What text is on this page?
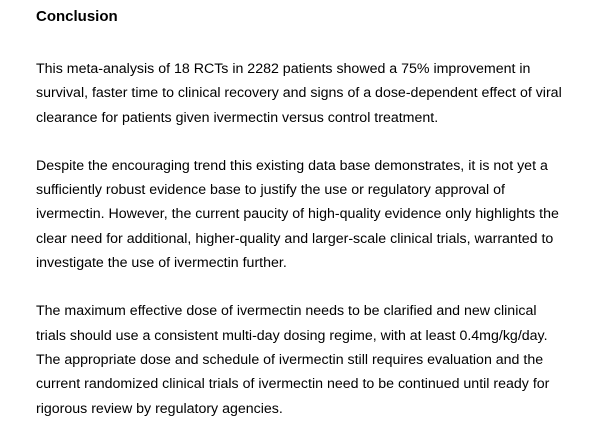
Conclusion

This meta-analysis of 18 RCTs in 2282 patients showed a 75% improvement in
survival, faster time to clinical recovery and signs of a dose-dependent effect of viral
clearance for patients given ivermectin versus control treatment.

Despite the encouraging trend this existing data base demonstrates, it is not yet a
sufficiently robust evidence base to justify the use or regulatory approval of
ivermectin. However, the current paucity of high-quality evidence only highlights the
clear need for additional, higher-quality and larger-scale clinical trials, warranted to
investigate the use of ivermectin further.

The maximum effective dose of ivermectin needs to be clarified and new clinical
trials should use a consistent multi-day dosing regime, with at least 0.4mg/kg/day.
The appropriate dose and schedule of ivermectin still requires evaluation and the
current randomized clinical trials of ivermectin need to be continued until ready for
rigorous review by regulatory agencies.
